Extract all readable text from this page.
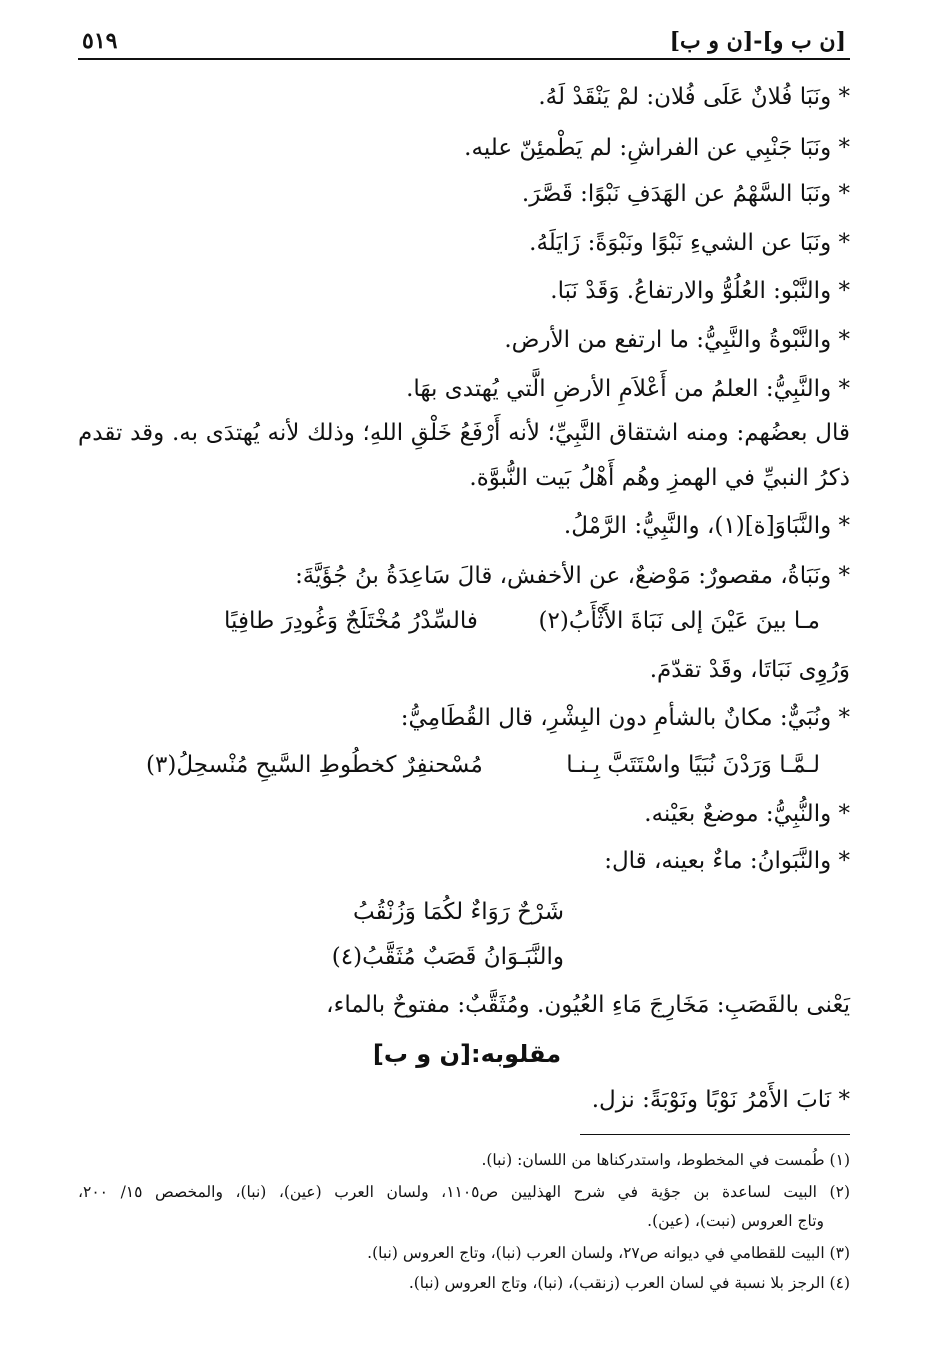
[ن ب و]-[ن و ب]
٥١٩
* ونَبَا فُلانٌ عَلَى فُلان: لمْ يَنْقَدْ لَهُ.
* ونَبَا جَنْبِي عن الفراشِ: لم يَطْمئِنّ عليه.
* ونَبَا السَّهْمُ عن الهَدَفِ نَبْوًا: قَصَّرَ.
* ونَبَا عن الشيءِ نَبْوًا ونَبْوَةً: زَايَلَهُ.
* والنَّبْو: العُلُوُّ والارتفاعُ. وَقَدْ نَبَا.
* والنَّبْوةُ والنَّبِيُّ: ما ارتفع من الأرض.
* والنَّبِيُّ: العلمُ من أَعْلاَمِ الأرضِ الَّتي يُهتدى بهَا.
قال بعضُهم: ومنه اشتقاق النَّبِيِّ؛ لأنه أَرْفَعُ خَلْقِ اللهِ؛ وذلك لأنه يُهتدَى به. وقد تقدم
ذكرُ النبيِّ في الهمزِ وهُم أَهْلُ بَيت النُّبوَّة.
* والنَّبَاوَ[ة](١)، والنَّبِيُّ: الرَّمْلُ.
* ونَبَاةُ، مقصورٌ: مَوْضعٌ، عن الأخفش، قالَ سَاعِدَةُ بنُ جُؤَيَّةَ:
مـا بينَ عَيْنَ إلى نَبَاةَ الأَثْأَبُ(٢)
فالسِّدْرُ مُخْتَلَجٌ وَغُودِرَ طافِيًا
وَرُوِى نَبَاتَا، وقَدْ تقدّمَ.
* ونُبَيٌّ: مكانٌ بالشأمِ دون البِشْرِ، قال القُطَامِيُّ:
لـمَّـا وَرَدْنَ نُبَيًا واسْتَتَبَّ بِـنـا
مُسْحنفِرٌ كخطُوطِ السَّيحِ مُنْسحِلُ(٣)
* والنُّبِيُّ: موضعٌ بعَيْنه.
* والنَّبَوانُ: ماءٌ بعينه، قال:
شَرْحٌ رَوَاءٌ لكُمَا وَزُنْقُبُ
والنَّبَـوَانُ قَصَبٌ مُثَقَّبُ(٤)
يَعْنى بالقَصَبِ: مَخَارِجَ مَاءِ العُيُون. ومُثَقَّبٌ: مفتوحٌ بالماء،
مقلوبه:[ن و ب]
* نَابَ الأَمْرُ نَوْبًا ونَوْبَةً: نزل.
(١) طُمست في المخطوط، واستدركناها من اللسان: (نبا).
(٢) البيت لساعدة بن جؤية في شرح الهذليين ص١١٠٥، ولسان العرب (عين)، (نبا)، والمخصص ١٥/ ٢٠٠،
وتاج العروس (نبت)، (عين).
(٣) البيت للقطامي في ديوانه ص٢٧، ولسان العرب (نبا)، وتاج العروس (نبا).
(٤) الرجز بلا نسبة في لسان العرب (زنقب)، (نبا)، وتاج العروس (نبا).
